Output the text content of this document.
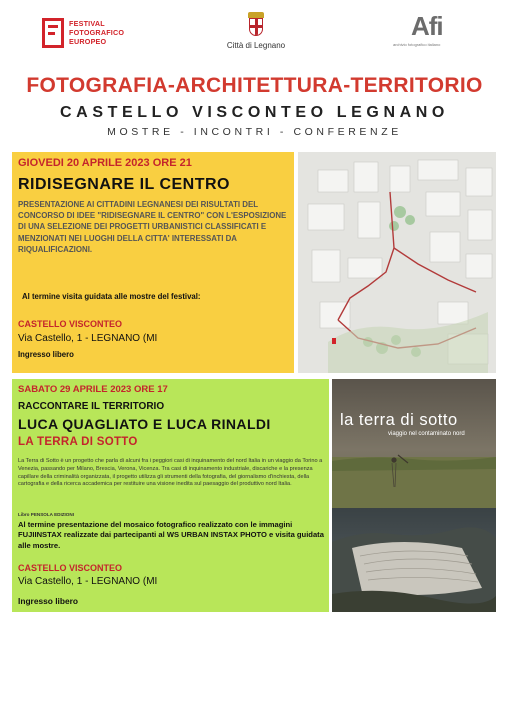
FESTIVAL FOTOGRAFICO EUROPEO	Città di Legnano
Afi
archivio fotografico italiano
FOTOGRAFIA-ARCHITETTURA-TERRITORIO
CASTELLO VISCONTEO LEGNANO
MOSTRE - INCONTRI - CONFERENZE
GIOVEDI 20 APRILE 2023 ORE 21
RIDISEGNARE IL CENTRO
PRESENTAZIONE AI CITTADINI LEGNANESI DEI RISULTATI DEL CONCORSO DI IDEE "RIDISEGNARE IL CENTRO" CON L'ESPOSIZIONE DI UNA SELEZIONE DEI PROGETTI URBANISTICI CLASSIFICATI E MENZIONATI NEI LUOGHI DELLA CITTA' INTERESSATI DA RIQUALIFICAZIONI.
Al termine visita guidata alle mostre del festival:
CASTELLO VISCONTEO
Via Castello, 1 - LEGNANO (MI
Ingresso libero
SABATO 29 APRILE 2023 ORE 17
RACCONTARE IL TERRITORIO
LUCA QUAGLIATO E LUCA RINALDI
LA TERRA DI SOTTO
La Terra di Sotto è un progetto che parla di alcuni fra i peggiori casi di inquinamento del nord Italia in un viaggio da Torino a Venezia, passando per Milano, Brescia, Verona, Vicenza. Tra casi di inquinamento industriale, discariche e la presenza capillare della criminalità organizzata, il progetto utilizza gli strumenti della fotografia, del giornalismo d'inchiesta, della cartografia e della ricerca accademica per restituire una visione inedita sul paesaggio del produttivo nord Italia.
Libro PENSOLA EDIZIONI
Al termine presentazione del mosaico fotografico realizzato con le immagini FUJIINSTAX realizzate dai partecipanti al WS URBAN INSTAX PHOTO e visita guidata alle mostre.
CASTELLO VISCONTEO
Via Castello, 1 - LEGNANO (MI
Ingresso libero
la terra di sotto
viaggio nel contaminato nord
